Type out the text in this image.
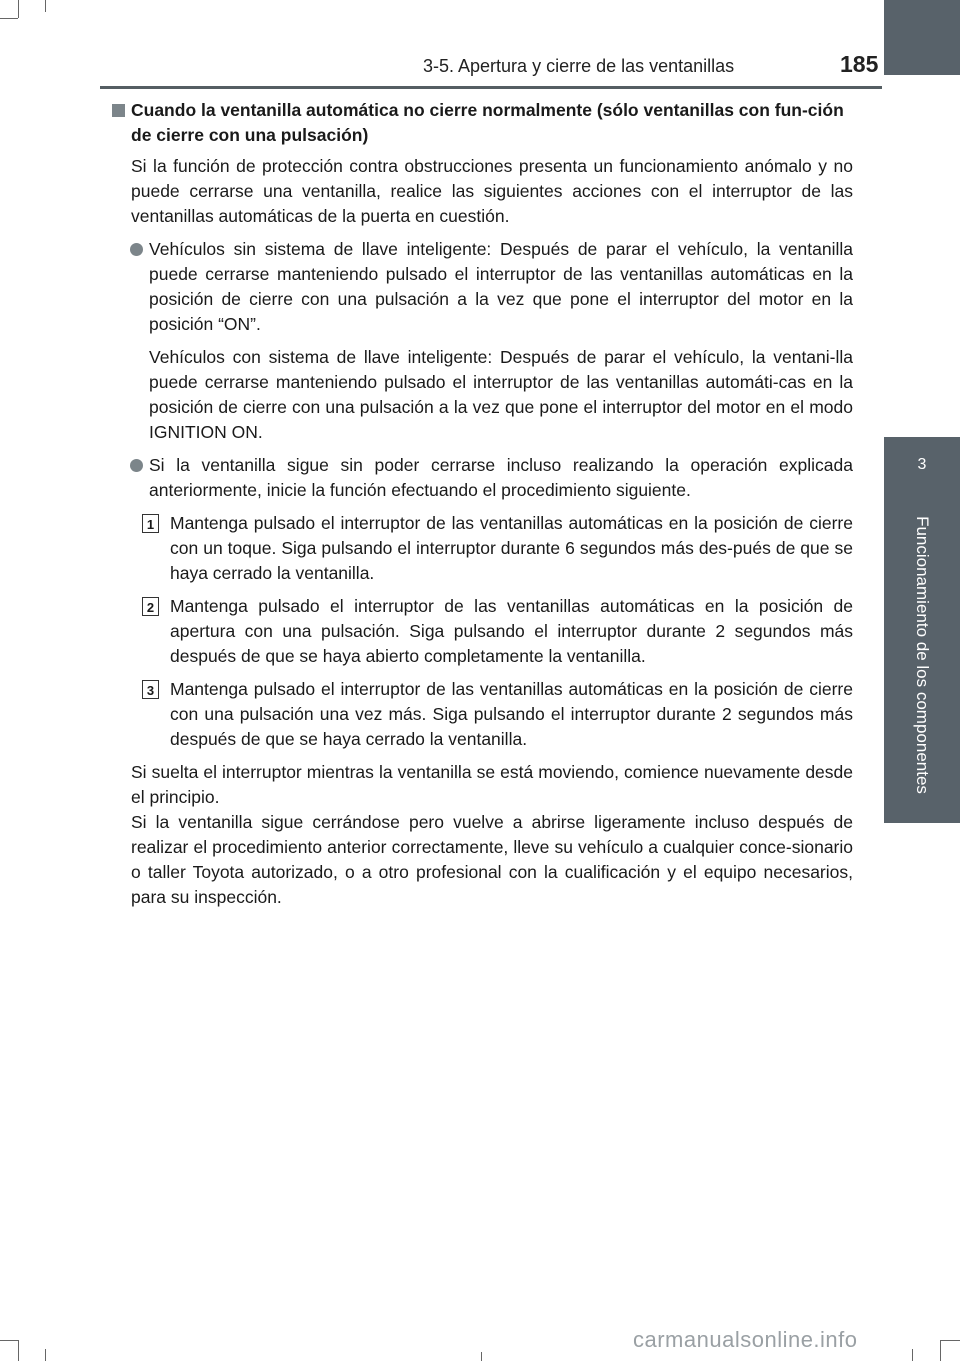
3-5. Apertura y cierre de las ventanillas	185
3
Funcionamiento de los componentes

Cuando la ventanilla automática no cierre normalmente (sólo ventanillas con fun-ción de cierre con una pulsación)

Si la función de protección contra obstrucciones presenta un funcionamiento anómalo y no puede cerrarse una ventanilla, realice las siguientes acciones con el interruptor de las ventanillas automáticas de la puerta en cuestión.

Vehículos sin sistema de llave inteligente: Después de parar el vehículo, la ventanilla puede cerrarse manteniendo pulsado el interruptor de las ventanillas automáticas en la posición de cierre con una pulsación a la vez que pone el interruptor del motor en la posición “ON”.

Vehículos con sistema de llave inteligente: Después de parar el vehículo, la ventani-lla puede cerrarse manteniendo pulsado el interruptor de las ventanillas automáti-cas en la posición de cierre con una pulsación a la vez que pone el interruptor del motor en el modo IGNITION ON.

Si la ventanilla sigue sin poder cerrarse incluso realizando la operación explicada anteriormente, inicie la función efectuando el procedimiento siguiente.

1 Mantenga pulsado el interruptor de las ventanillas automáticas en la posición de cierre con un toque. Siga pulsando el interruptor durante 6 segundos más des-pués de que se haya cerrado la ventanilla.

2 Mantenga pulsado el interruptor de las ventanillas automáticas en la posición de apertura con una pulsación. Siga pulsando el interruptor durante 2 segundos más después de que se haya abierto completamente la ventanilla.

3 Mantenga pulsado el interruptor de las ventanillas automáticas en la posición de cierre con una pulsación una vez más. Siga pulsando el interruptor durante 2 segundos más después de que se haya cerrado la ventanilla.

Si suelta el interruptor mientras la ventanilla se está moviendo, comience nuevamente desde el principio.
Si la ventanilla sigue cerrándose pero vuelve a abrirse ligeramente incluso después de realizar el procedimiento anterior correctamente, lleve su vehículo a cualquier conce-sionario o taller Toyota autorizado, o a otro profesional con la cualificación y el equipo necesarios, para su inspección.

carmanualsonline.info
